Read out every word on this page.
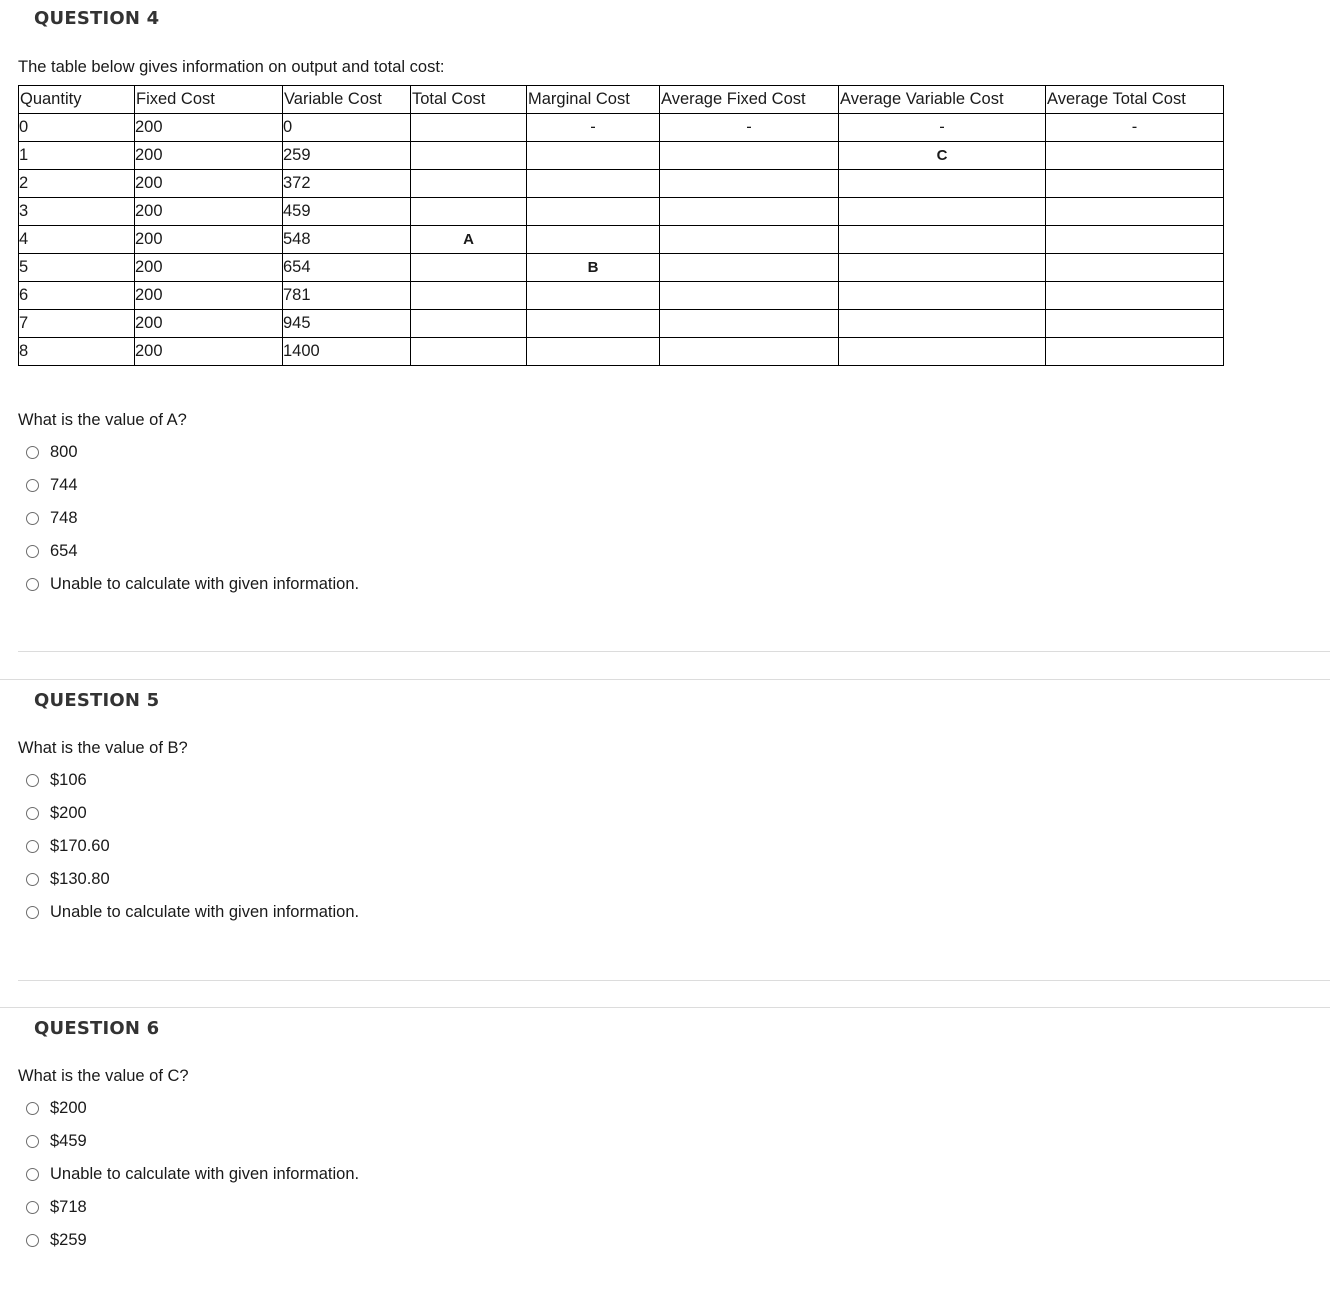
QUESTION 4
The table below gives information on output and total cost:
Quantity	Fixed Cost	Variable Cost	Total Cost	Marginal Cost	Average Fixed Cost	Average Variable Cost	Average Total Cost
0	200	0		-	-	-	-
1	200	259				C	
2	200	372					
3	200	459					
4	200	548	A				
5	200	654		B			
6	200	781					
7	200	945					
8	200	1400					
What is the value of A?
800
744
748
654
Unable to calculate with given information.
QUESTION 5
What is the value of B?
$106
$200
$170.60
$130.80
Unable to calculate with given information.
QUESTION 6
What is the value of C?
$200
$459
Unable to calculate with given information.
$718
$259
